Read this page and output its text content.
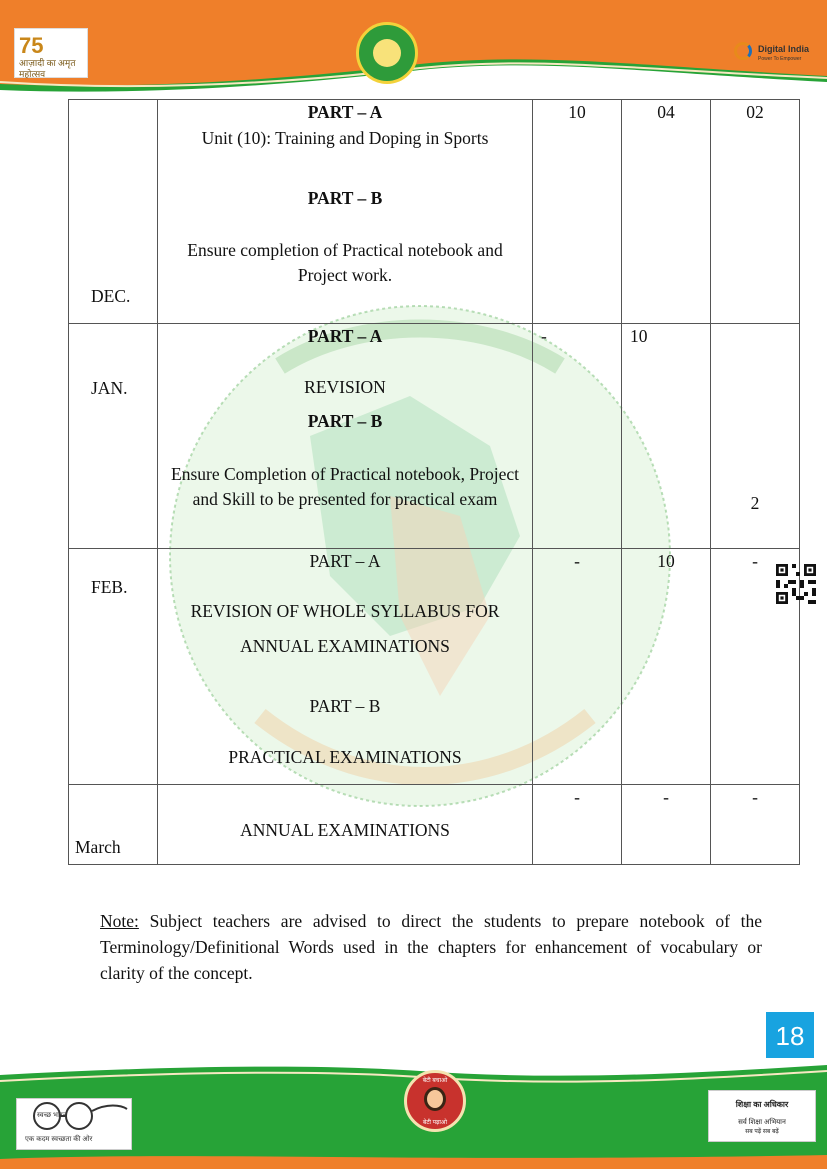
75
आज़ादी का अमृत महोत्सव
Digital India
Power To Empower
DEC.	PART – A
Unit (10): Training and Doping in Sports
PART – B
Ensure completion of Practical notebook and Project work.	10	04	02

JAN.	PART – A
REVISION
PART – B
Ensure Completion of Practical notebook, Project and Skill to be presented for practical exam	-	10	2

FEB.	PART – A
REVISION OF WHOLE SYLLABUS FOR
ANNUAL EXAMINATIONS
PART – B
PRACTICAL EXAMINATIONS	-	10	-

March	ANNUAL EXAMINATIONS	-	-	-
Note: Subject teachers are advised to direct the students to prepare notebook of the Terminology/Definitional Words used in the chapters for enhancement of vocabulary or clarity of the concept.
18
स्वच्छ भारत
एक कदम स्वच्छता की ओर
बेटी बचाओ
बेटी पढ़ाओ
शिक्षा का अधिकार
सर्व शिक्षा अभियान
सब पढ़ें सब बढ़ें
